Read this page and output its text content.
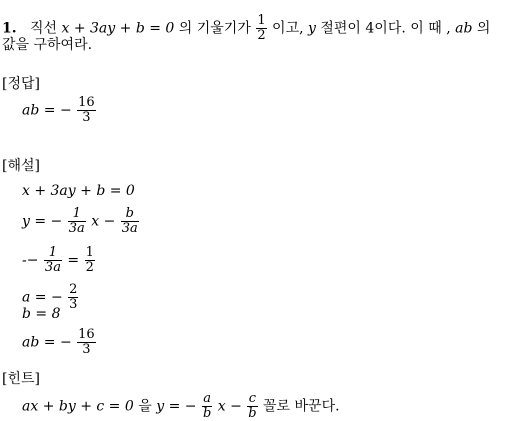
1. 직선 x + 3ay + b = 0 의 기울기가 $\frac{1}{2}$ 이고, y 절편이 4이다. 이 때 , ab 의
값을 구하여라.
[정답]
ab = − $\frac{16}{3}$
[해설]
x + 3ay + b = 0
y = − $\frac{1}{3a}$ $x - \frac{b}{3a}$
-− $\frac{1}{3a} = \frac{1}{2}$
a = − $\frac{2}{3}$
b = 8
ab = − $\frac{16}{3}$
[힌트]
ax + by + c = 0 을 y = − $\frac{a}{b}$ $x - \frac{c}{b}$ 꼴로 바꾼다.
